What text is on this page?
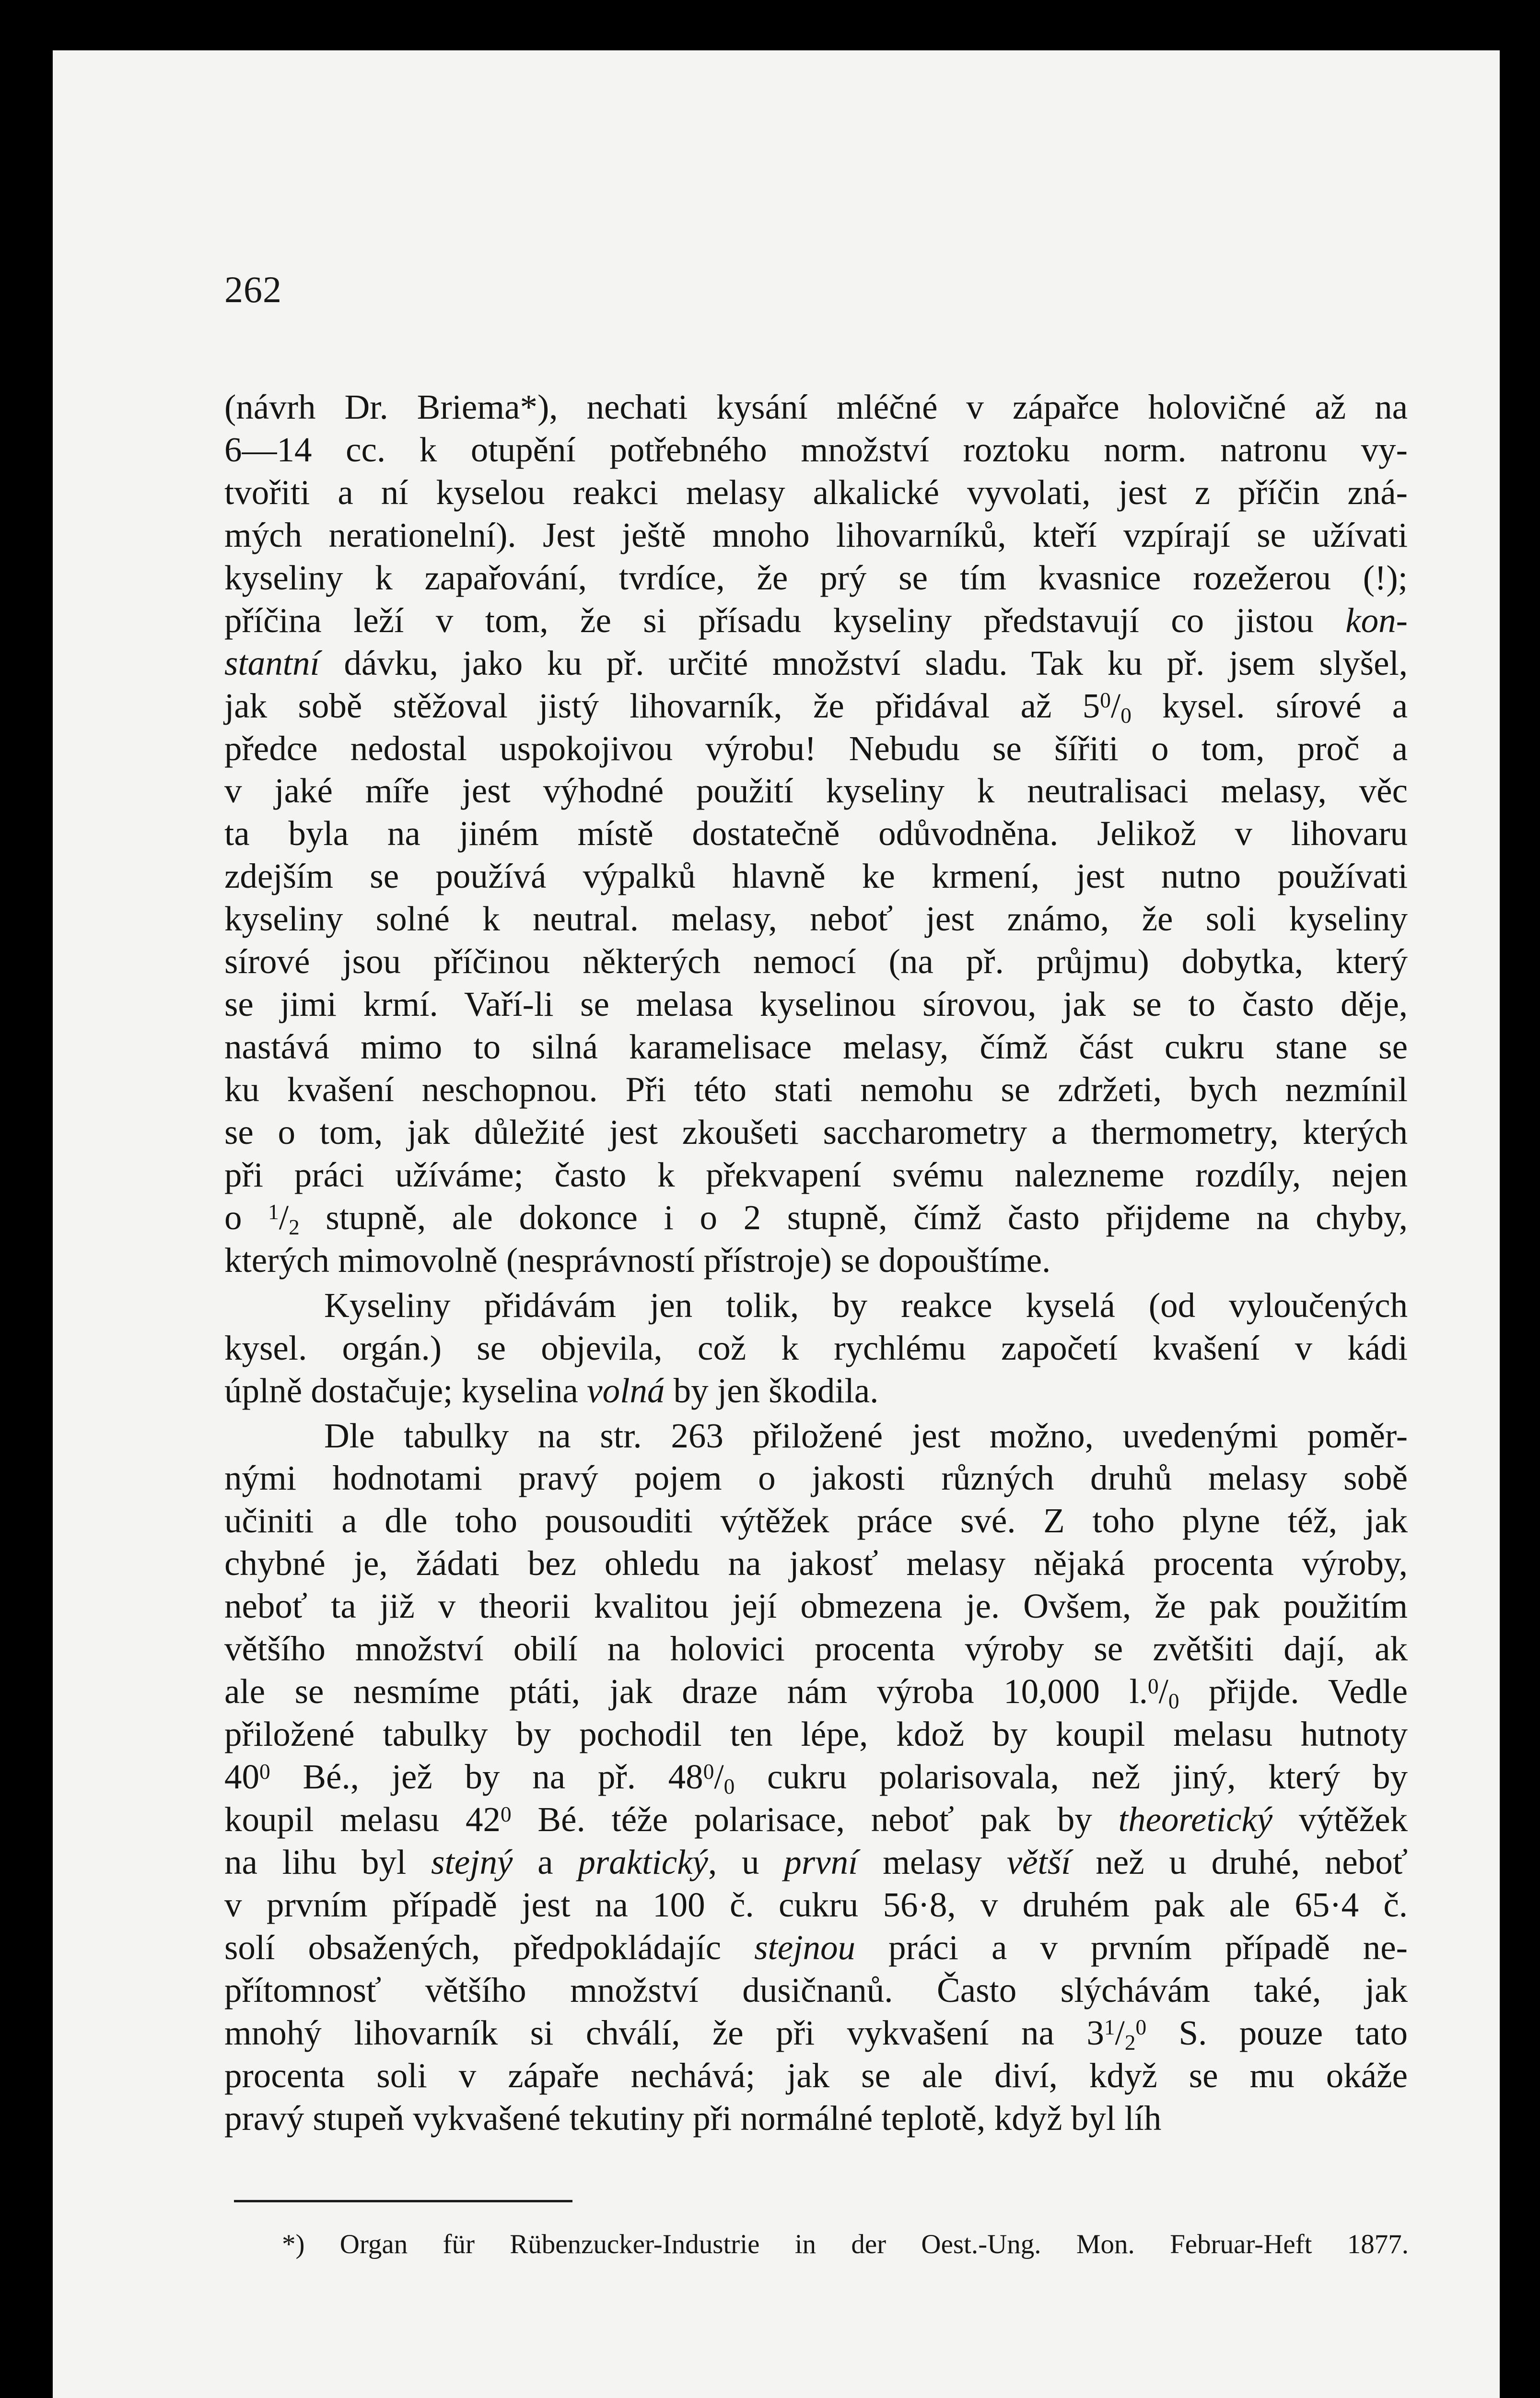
262
(návrh Dr. Briema*), nechati kysání mléčné v zápařce holovičné až na
6—14 cc. k otupění potřebného množství roztoku norm. natronu vy-
tvořiti a ní kyselou reakci melasy alkalické vyvolati, jest z příčin zná-
mých nerationelní). Jest ještě mnoho lihovarníků, kteří vzpírají se užívati
kyseliny k zapařování, tvrdíce, že prý se tím kvasnice rozežerou (!);
příčina leží v tom, že si přísadu kyseliny představují co jistou kon-
stantní dávku, jako ku př. určité množství sladu. Tak ku př. jsem slyšel,
jak sobě stěžoval jistý lihovarník, že přidával až $5^0/_0$ kysel. sírové a
předce nedostal uspokojivou výrobu! Nebudu se šířiti o tom, proč a
v jaké míře jest výhodné použití kyseliny k neutralisaci melasy, věc
ta byla na jiném místě dostatečně odůvodněna. Jelikož v lihovaru
zdejším se používá výpalků hlavně ke krmení, jest nutno používati
kyseliny solné k neutral. melasy, neboť jest známo, že soli kyseliny
sírové jsou příčinou některých nemocí (na př. průjmu) dobytka, který
se jimi krmí. Vaří-li se melasa kyselinou sírovou, jak se to často děje,
nastává mimo to silná karamelisace melasy, čímž část cukru stane se
ku kvašení neschopnou. Při této stati nemohu se zdržeti, bych nezmínil
se o tom, jak důležité jest zkoušeti saccharometry a thermometry, kterých
při práci užíváme; často k překvapení svému nalezneme rozdíly, nejen
o $^1/_2$ stupně, ale dokonce i o 2 stupně, čímž často přijdeme na chyby,
kterých mimovolně (nesprávností přístroje) se dopouštíme.
Kyseliny přidávám jen tolik, by reakce kyselá (od vyloučených
kysel. orgán.) se objevila, což k rychlému započetí kvašení v kádi
úplně dostačuje; kyselina volná by jen škodila.
Dle tabulky na str. 263 přiložené jest možno, uvedenými poměr-
nými hodnotami pravý pojem o jakosti různých druhů melasy sobě
učiniti a dle toho pousouditi výtěžek práce své. Z toho plyne též, jak
chybné je, žádati bez ohledu na jakosť melasy nějaká procenta výroby,
neboť ta již v theorii kvalitou její obmezena je. Ovšem, že pak použitím
většího množství obilí na holovici procenta výroby se zvětšiti dají, ak
ale se nesmíme ptáti, jak draze nám výroba 10,000 $l.^0/_0$ přijde. Vedle
přiložené tabulky by pochodil ten lépe, kdož by koupil melasu hutnoty
$40^0$ Bé., jež by na př. $48^0/_0$ cukru polarisovala, než jiný, který by
koupil melasu $42^0$ Bé. téže polarisace, neboť pak by theoretický výtěžek
na lihu byl stejný a praktický, u první melasy větší než u druhé, neboť
v prvním případě jest na 100 č. cukru 56·8, v druhém pak ale 65·4 č.
solí obsažených, předpokládajíc stejnou práci a v prvním případě ne-
přítomnosť většího množství dusičnanů. Často slýchávám také, jak
mnohý lihovarník si chválí, že při vykvašení na $3^1/_2^0$ S. pouze tato
procenta soli v zápaře nechává; jak se ale diví, když se mu okáže
pravý stupeň vykvašené tekutiny při normálné teplotě, když byl líh
*) Organ für Rübenzucker-Industrie in der Oest.-Ung. Mon. Februar-Heft 1877.
